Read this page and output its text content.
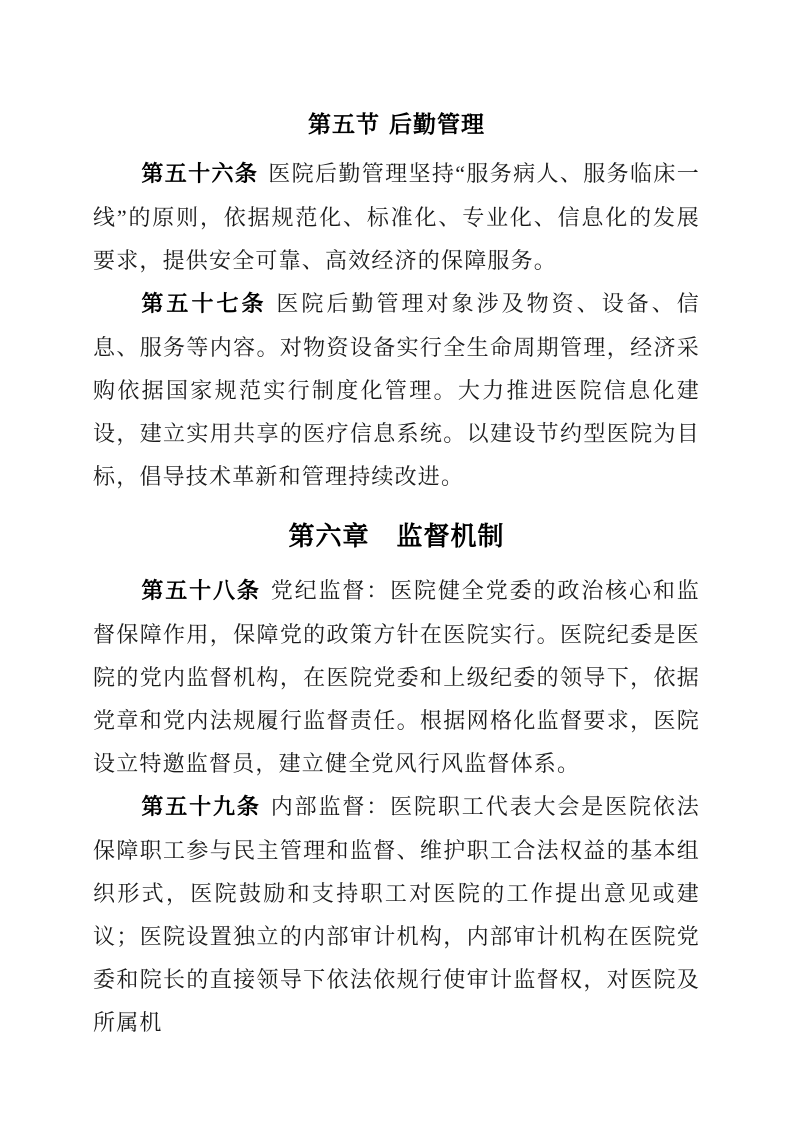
第五节 后勤管理

第五十六条 医院后勤管理坚持“服务病人、服务临床一线”的原则，依据规范化、标准化、专业化、信息化的发展要求，提供安全可靠、高效经济的保障服务。

第五十七条 医院后勤管理对象涉及物资、设备、信息、服务等内容。对物资设备实行全生命周期管理，经济采购依据国家规范实行制度化管理。大力推进医院信息化建设，建立实用共享的医疗信息系统。以建设节约型医院为目标，倡导技术革新和管理持续改进。

第六章　监督机制

第五十八条 党纪监督：医院健全党委的政治核心和监督保障作用，保障党的政策方针在医院实行。医院纪委是医院的党内监督机构，在医院党委和上级纪委的领导下，依据党章和党内法规履行监督责任。根据网格化监督要求，医院设立特邀监督员，建立健全党风行风监督体系。

第五十九条 内部监督：医院职工代表大会是医院依法保障职工参与民主管理和监督、维护职工合法权益的基本组织形式，医院鼓励和支持职工对医院的工作提出意见或建议；医院设置独立的内部审计机构，内部审计机构在医院党委和院长的直接领导下依法依规行使审计监督权，对医院及所属机
